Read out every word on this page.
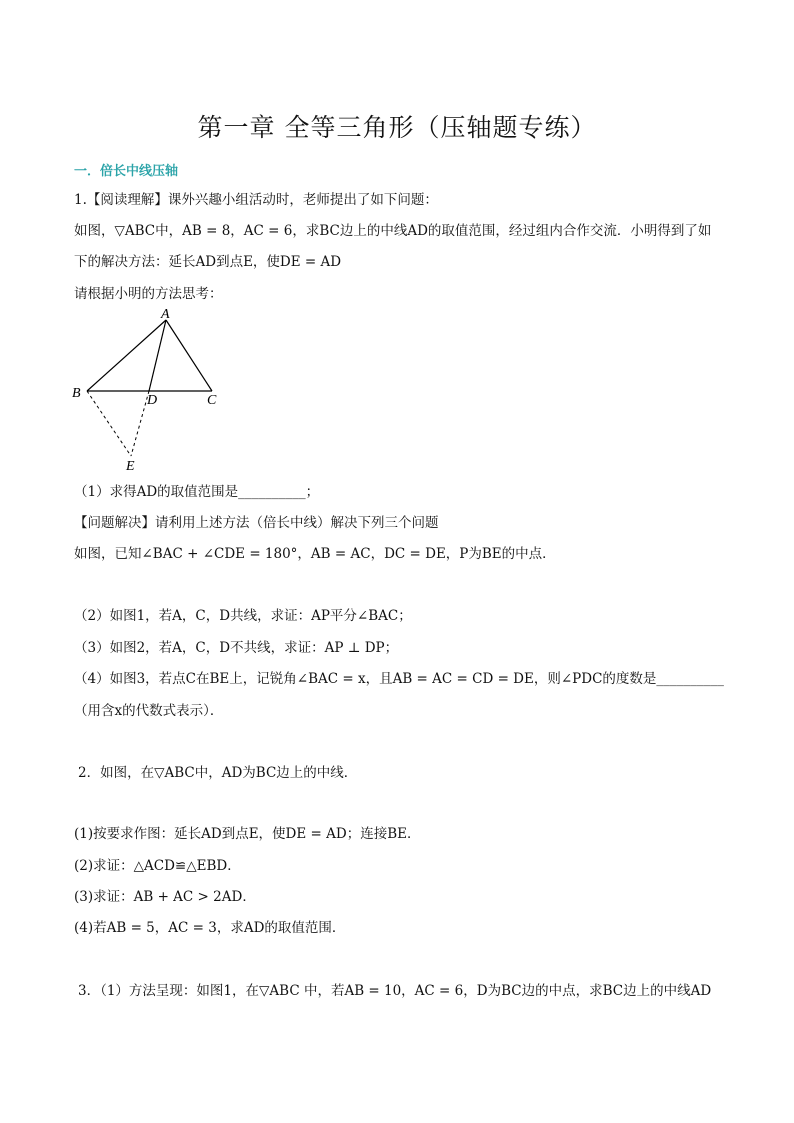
第一章 全等三角形（压轴题专练）
一．倍长中线压轴
1.【阅读理解】课外兴趣小组活动时，老师提出了如下问题：
如图，▽ABC中，AB = 8，AC = 6，求BC边上的中线AD的取值范围，经过组内合作交流．小明得到了如
下的解决方法：延长AD到点E，使DE = AD
请根据小明的方法思考：
A
B	C
D
E
（1）求得AD的取值范围是__________；
【问题解决】请利用上述方法（倍长中线）解决下列三个问题
如图，已知∠BAC + ∠CDE = 180°，AB = AC，DC = DE，P为BE的中点．
（2）如图1，若A，C，D共线，求证：AP平分∠BAC；
（3）如图2，若A，C，D不共线，求证：AP ⊥ DP；
（4）如图3，若点C在BE上，记锐角∠BAC = x，且AB = AC = CD = DE，则∠PDC的度数是__________
（用含x的代数式表示）．
2．如图，在▽ABC中，AD为BC边上的中线．
(1)按要求作图：延长AD到点E，使DE = AD；连接BE．
(2)求证：△ACD≌△EBD．
(3)求证：AB + AC > 2AD．
(4)若AB = 5，AC = 3，求AD的取值范围．
3．（1）方法呈现：如图1，在▽ABC 中，若AB = 10，AC = 6，D为BC边的中点，求BC边上的中线AD
